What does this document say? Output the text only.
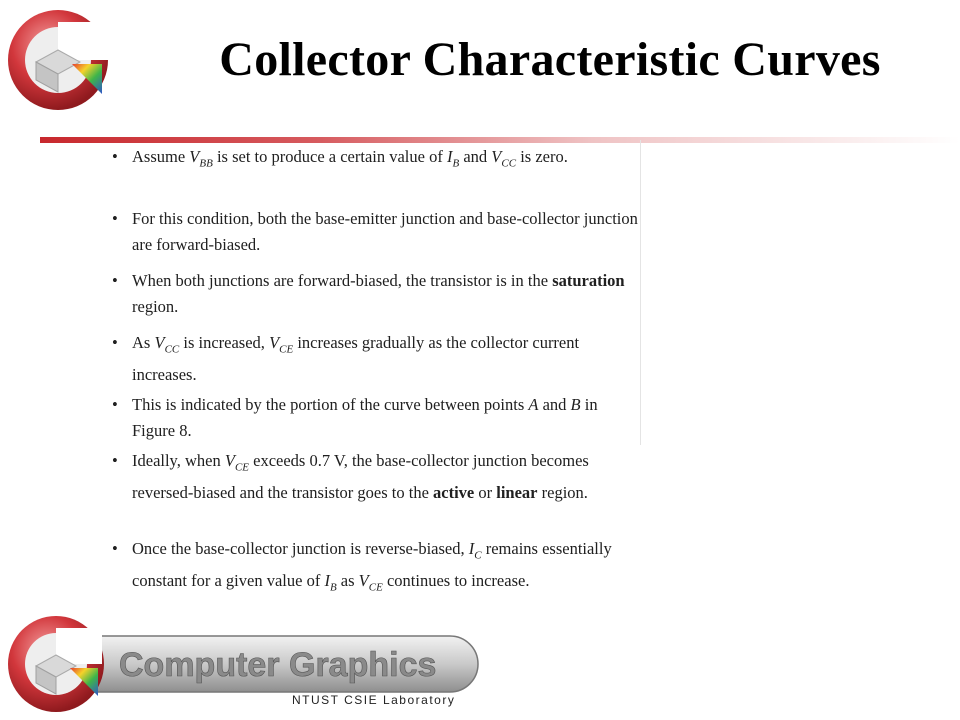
Collector Characteristic Curves
• Assume $V_{BB}$ is set to produce a certain value of $I_B$ and $V_{CC}$ is zero.
• For this condition, both the base-emitter junction and base-collector junction are forward-biased.
• When both junctions are forward-biased, the transistor is in the saturation region.
• As $V_{CC}$ is increased, $V_{CE}$ increases gradually as the collector current increases.
• This is indicated by the portion of the curve between points A and B in Figure 8.
• Ideally, when $V_{CE}$ exceeds 0.7 V, the base-collector junction becomes reversed-biased and the transistor goes to the active or linear region.
• Once the base-collector junction is reverse-biased, $I_C$ remains essentially constant for a given value of $I_B$ as $V_{CE}$ continues to increase.
Computer Graphics
NTUST CSIE Laboratory
